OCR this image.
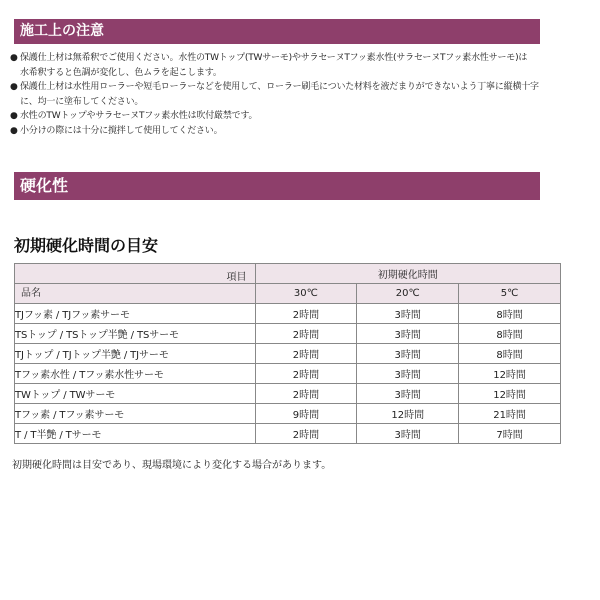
施工上の注意
● 保護仕上材は無希釈でご使用ください。水性のTWトップ(TWサーモ)やサラセーヌTフッ素水性(サラセーヌTフッ素水性サーモ)は
水希釈すると色調が変化し、色ムラを起こします。
● 保護仕上材は水性用ローラーや短毛ローラーなどを使用して、ローラー刷毛についた材料を液だまりができないよう丁寧に縦横十字
に、均一に塗布してください。
● 水性のTWトップやサラセーヌTフッ素水性は吹付厳禁です。
● 小分けの際には十分に撹拌して使用してください。
硬化性
初期硬化時間の目安
項目
品名	初期硬化時間		
	30℃	20℃	5℃
TJフッ素 / TJフッ素サーモ	2時間	3時間	8時間
TSトップ / TSトップ半艶 / TSサーモ	2時間	3時間	8時間
TJトップ / TJトップ半艶 / TJサーモ	2時間	3時間	8時間
Tフッ素水性 / Tフッ素水性サーモ	2時間	3時間	12時間
TWトップ / TWサーモ	2時間	3時間	12時間
Tフッ素 / Tフッ素サーモ	9時間	12時間	21時間
T / T半艶 / Tサーモ	2時間	3時間	7時間
初期硬化時間は目安であり、現場環境により変化する場合があります。
